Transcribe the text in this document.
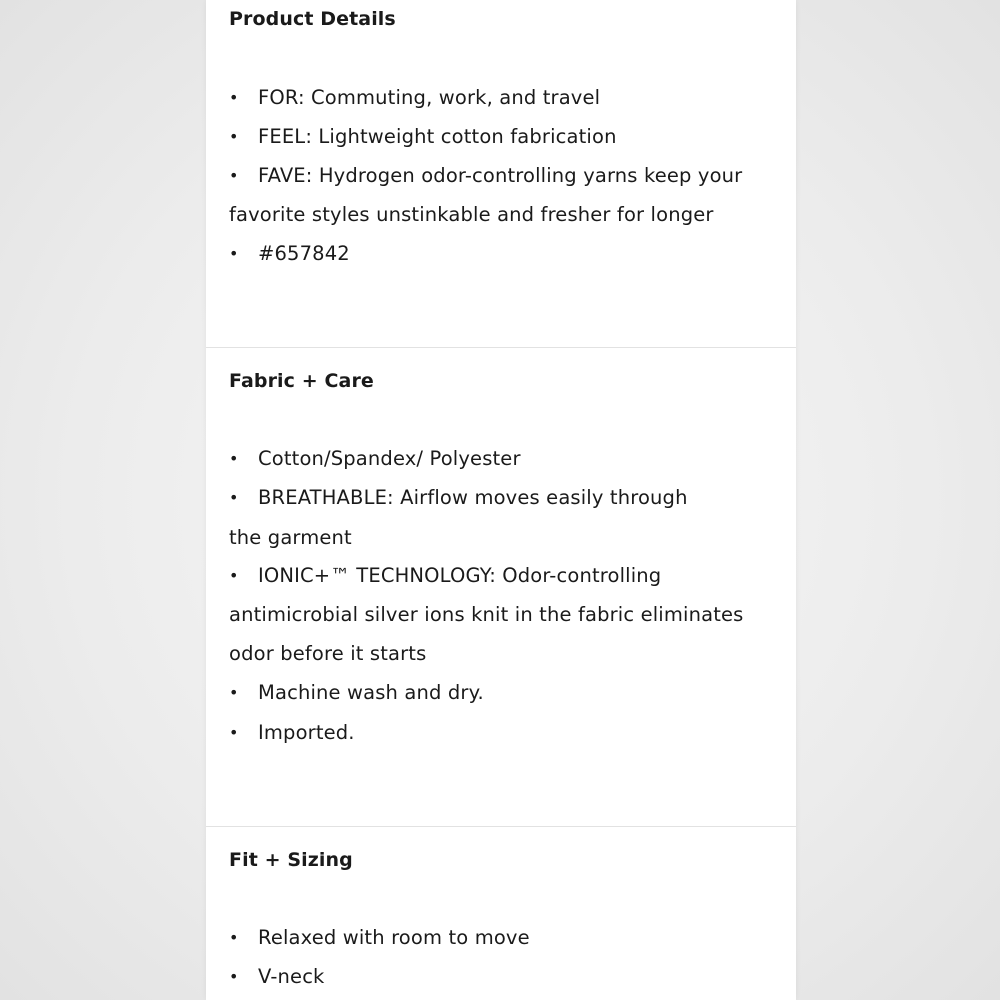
Product Details
• FOR: Commuting, work, and travel
• FEEL: Lightweight cotton fabrication
• FAVE: Hydrogen odor-controlling yarns keep your
favorite styles unstinkable and fresher for longer
• #657842
Fabric + Care
• Cotton/Spandex/ Polyester
• BREATHABLE: Airflow moves easily through
the garment
• IONIC+™ TECHNOLOGY: Odor-controlling
antimicrobial silver ions knit in the fabric eliminates
odor before it starts
• Machine wash and dry.
• Imported.
Fit + Sizing
• Relaxed with room to move
• V-neck
